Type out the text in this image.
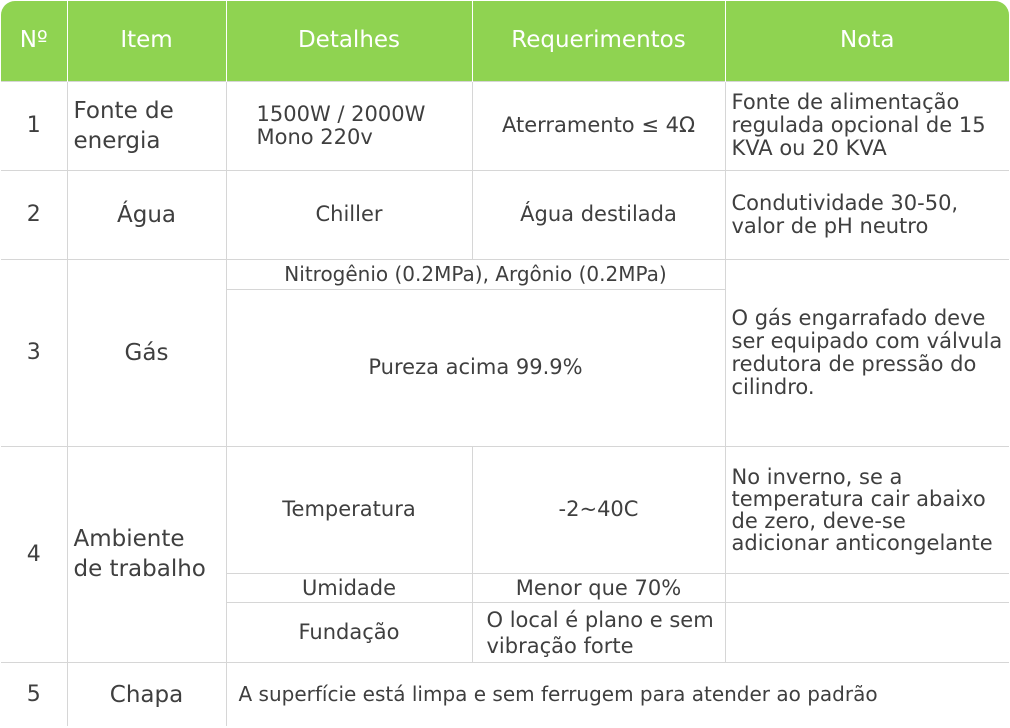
Nº	Item	Detalhes	Requerimentos	Nota
1	Fonte de energia	1500W / 2000W Mono 220v	Aterramento ≤ 4Ω	Fonte de alimentação regulada opcional de 15 KVA ou 20 KVA
2	Água	Chiller	Água destilada	Condutividade 30-50, valor de pH neutro
3	Gás	Nitrogênio (0.2MPa), Argônio (0.2MPa)		O gás engarrafado deve ser equipado com válvula redutora de pressão do cilindro.
		Pureza acima 99.9%		
4	Ambiente de trabalho	Temperatura	-2~40C	No inverno, se a temperatura cair abaixo de zero, deve-se adicionar anticongelante
		Umidade	Menor que 70%	
		Fundação	O local é plano e sem vibração forte	
5	Chapa	A superfície está limpa e sem ferrugem para atender ao padrão		
